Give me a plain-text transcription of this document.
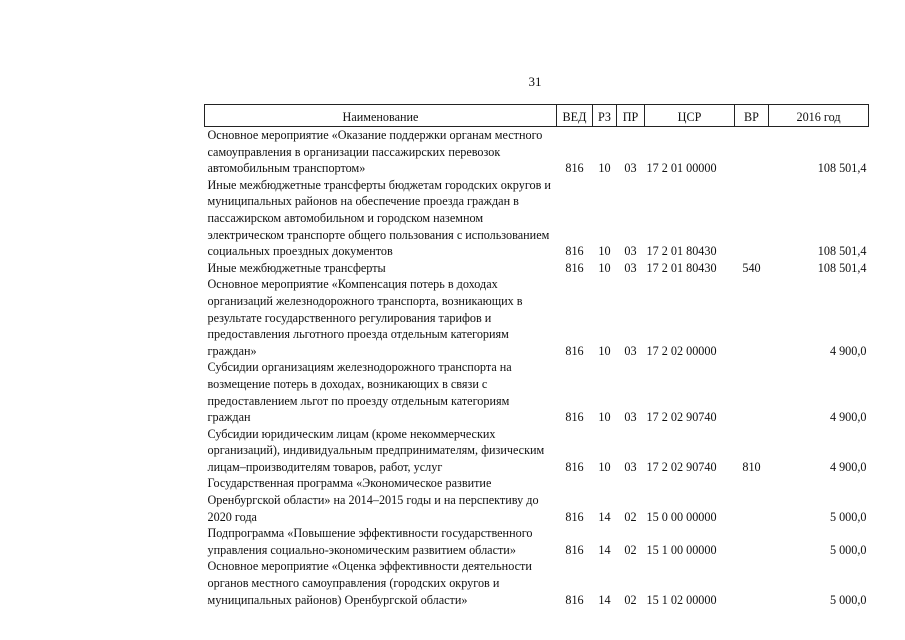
31
Наименование	ВЕД	РЗ	ПР	ЦСР	ВР	2016 год
Основное мероприятие «Оказание поддержки органам местного самоуправления в организации пассажирских перевозок автомобильным транспортом»	816	10	03	17 2 01 00000		108 501,4
Иные межбюджетные трансферты бюджетам городских округов и муниципальных районов на обеспечение проезда граждан в пассажирском автомобильном и городском наземном электрическом транспорте общего пользования с использованием социальных проездных документов	816	10	03	17 2 01 80430		108 501,4
Иные межбюджетные трансферты	816	10	03	17 2 01 80430	540	108 501,4
Основное мероприятие «Компенсация потерь в доходах организаций железнодорожного транспорта, возникающих в результате государственного регулирования тарифов и предоставления льготного проезда отдельным категориям граждан»	816	10	03	17 2 02 00000		4 900,0
Субсидии организациям железнодорожного транспорта на возмещение потерь в доходах, возникающих в связи с предоставлением льгот по проезду отдельным категориям граждан	816	10	03	17 2 02 90740		4 900,0
Субсидии юридическим лицам (кроме некоммерческих организаций), индивидуальным предпринимателям, физическим лицам–производителям товаров, работ, услуг	816	10	03	17 2 02 90740	810	4 900,0
Государственная программа «Экономическое развитие Оренбургской области» на 2014–2015 годы и на перспективу до 2020 года	816	14	02	15 0 00 00000		5 000,0
Подпрограмма «Повышение эффективности государственного управления социально-экономическим развитием области»	816	14	02	15 1 00 00000		5 000,0
Основное мероприятие «Оценка эффективности деятельности органов местного самоуправления (городских округов и муниципальных районов) Оренбургской области»	816	14	02	15 1 02 00000		5 000,0
